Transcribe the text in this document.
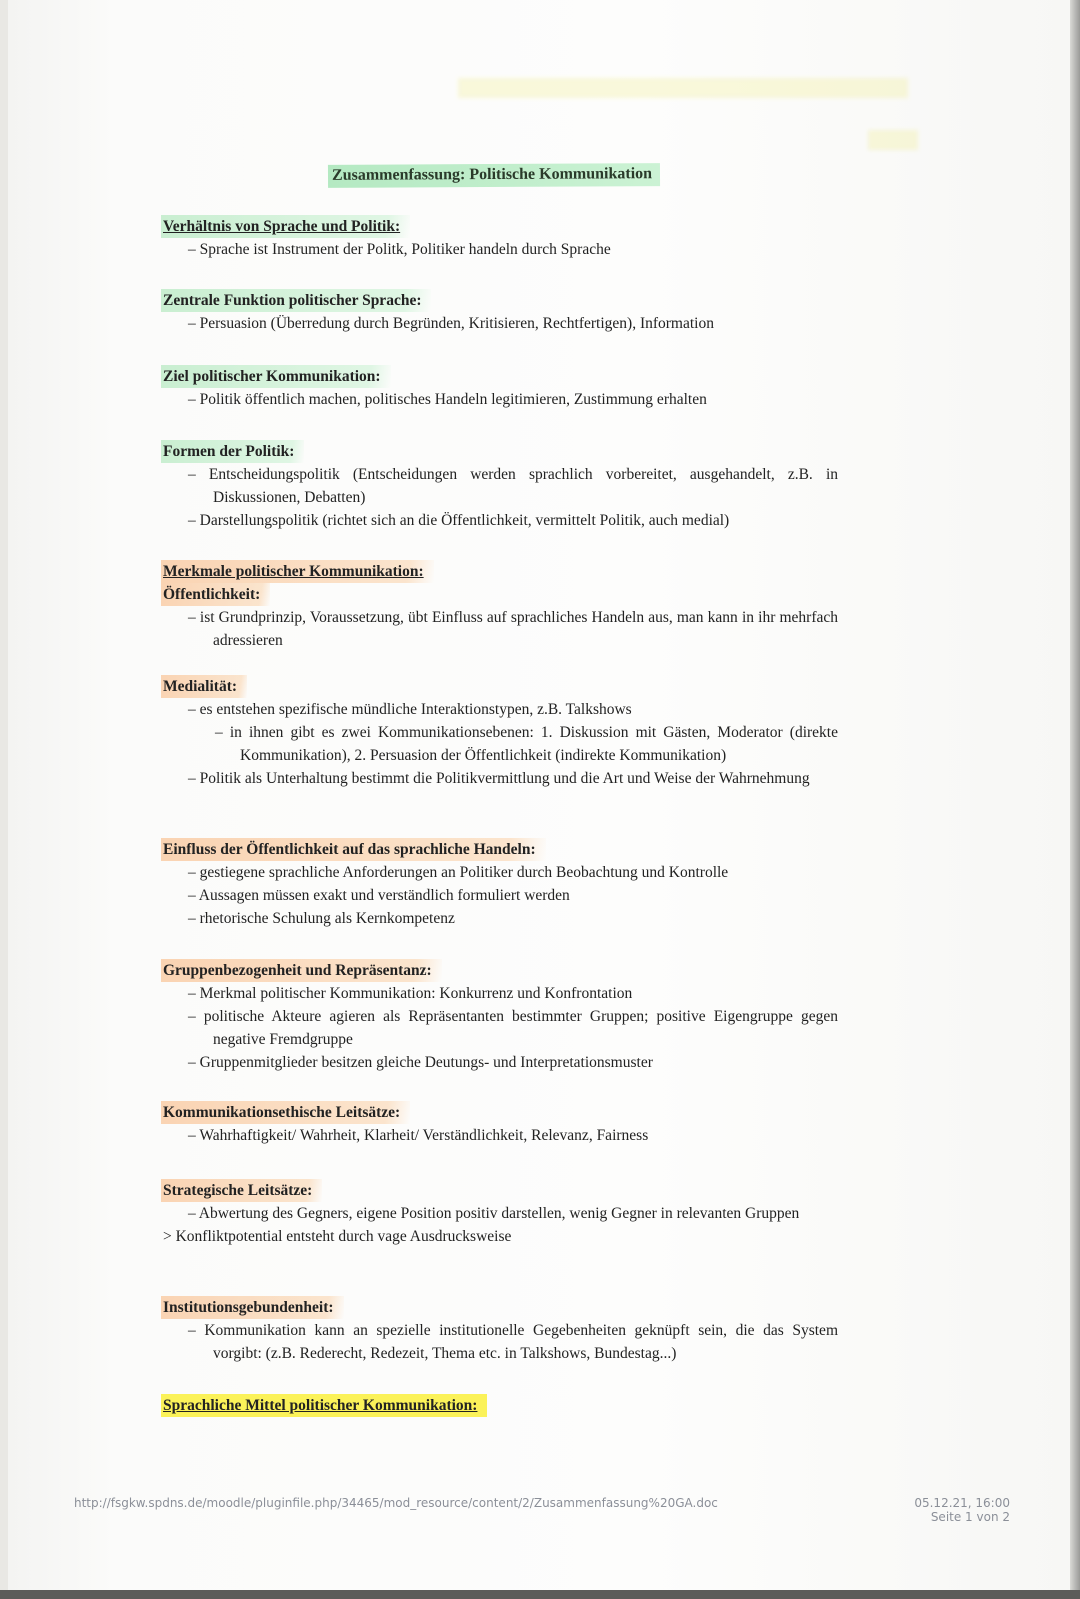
Zusammenfassung: Politische Kommunikation
Verhältnis von Sprache und Politik:
– Sprache ist Instrument der Politk, Politiker handeln durch Sprache
Zentrale Funktion politischer Sprache:
– Persuasion (Überredung durch Begründen, Kritisieren, Rechtfertigen), Information
Ziel politischer Kommunikation:
– Politik öffentlich machen, politisches Handeln legitimieren, Zustimmung erhalten
Formen der Politik:
– Entscheidungspolitik (Entscheidungen werden sprachlich vorbereitet, ausgehandelt, z.B. in Diskussionen, Debatten)
– Darstellungspolitik (richtet sich an die Öffentlichkeit, vermittelt Politik, auch medial)
Merkmale politischer Kommunikation:
Öffentlichkeit:
– ist Grundprinzip, Voraussetzung, übt Einfluss auf sprachliches Handeln aus, man kann in ihr mehrfach adressieren
Medialität:
– es entstehen spezifische mündliche Interaktionstypen, z.B. Talkshows
– in ihnen gibt es zwei Kommunikationsebenen: 1. Diskussion mit Gästen, Moderator (direkte Kommunikation), 2. Persuasion der Öffentlichkeit (indirekte Kommunikation)
– Politik als Unterhaltung bestimmt die Politikvermittlung und die Art und Weise der Wahrnehmung
Einfluss der Öffentlichkeit auf das sprachliche Handeln:
– gestiegene sprachliche Anforderungen an Politiker durch Beobachtung und Kontrolle
– Aussagen müssen exakt und verständlich formuliert werden
– rhetorische Schulung als Kernkompetenz
Gruppenbezogenheit und Repräsentanz:
– Merkmal politischer Kommunikation: Konkurrenz und Konfrontation
– politische Akteure agieren als Repräsentanten bestimmter Gruppen; positive Eigengruppe gegen negative Fremdgruppe
– Gruppenmitglieder besitzen gleiche Deutungs- und Interpretationsmuster
Kommunikationsethische Leitsätze:
– Wahrhaftigkeit/ Wahrheit, Klarheit/ Verständlichkeit, Relevanz, Fairness
Strategische Leitsätze:
– Abwertung des Gegners, eigene Position positiv darstellen, wenig Gegner in relevanten Gruppen
> Konfliktpotential entsteht durch vage Ausdrucksweise
Institutionsgebundenheit:
– Kommunikation kann an spezielle institutionelle Gegebenheiten geknüpft sein, die das System vorgibt: (z.B. Rederecht, Redezeit, Thema etc. in Talkshows, Bundestag...)
Sprachliche Mittel politischer Kommunikation:
http://fsgkw.spdns.de/moodle/pluginfile.php/34465/mod_resource/content/2/Zusammenfassung%20GA.doc	05.12.21, 16:00
Seite 1 von 2
